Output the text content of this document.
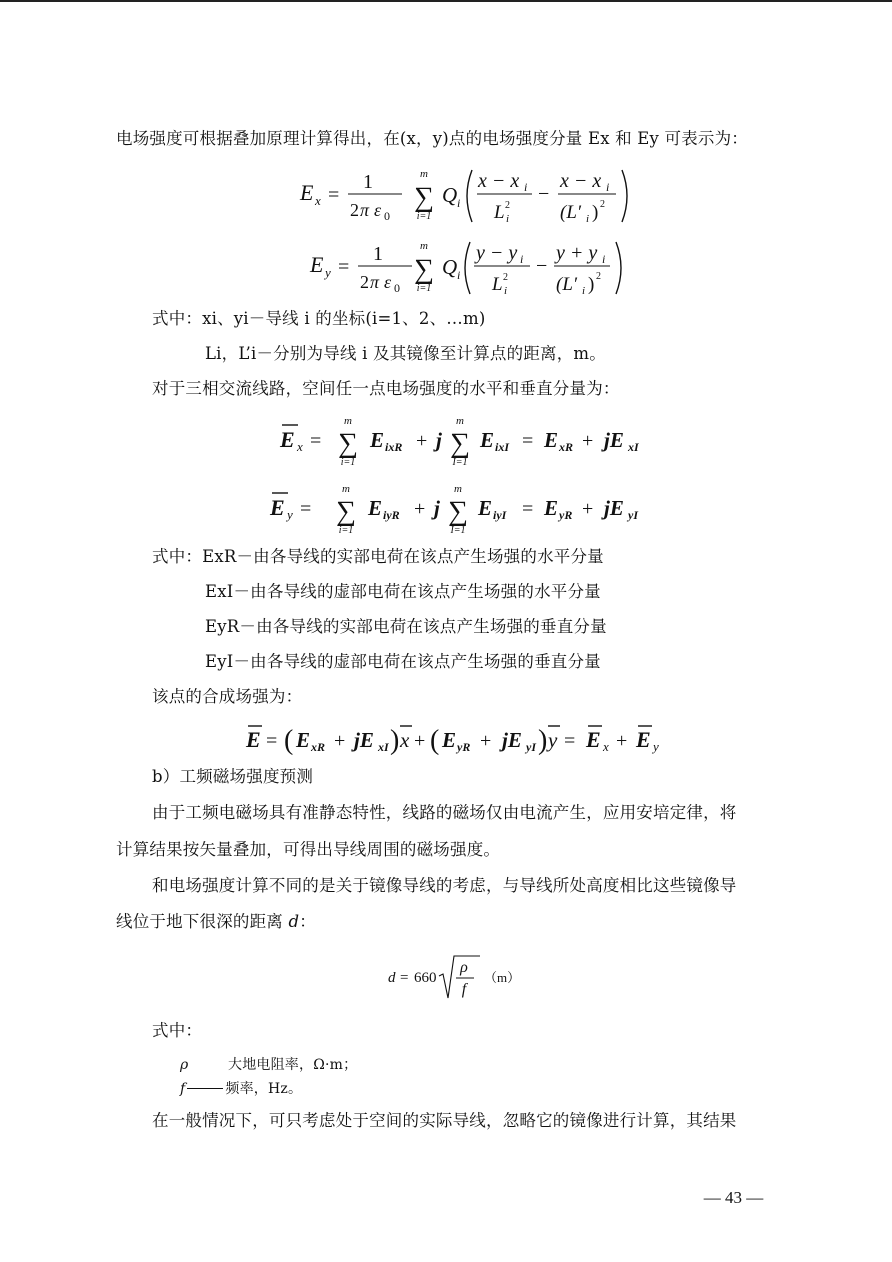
电场强度可根据叠加原理计算得出，在(x，y)点的电场强度分量 Ex 和 Ey 可表示为：
E x =
1
2 π ε 0
m
∑
i=1
Q i
x − x i
L i
2
−
x − x i
(L′ i ) 2
E y =
1
2 π ε 0
m
∑
i=1
Q i
y − y i
L i
2
−
y + y i
(L′ i ) 2
式中：xi、yi－导线 i 的坐标(i=1、2、…m)
Li，L’i－分别为导线 i 及其镜像至计算点的距离，m。
对于三相交流线路，空间任一点电场强度的水平和垂直分量为：
E x =
m
∑
i=1
E ixR + j
m
∑
I=1
E ixI = E xR + jE xI
E y =
m
∑
i=1
E iyR + j
m
∑
I=1
E iyI = E yR + jE yI
式中：ExR－由各导线的实部电荷在该点产生场强的水平分量
ExI－由各导线的虚部电荷在该点产生场强的水平分量
EyR－由各导线的实部电荷在该点产生场强的垂直分量
EyI－由各导线的虚部电荷在该点产生场强的垂直分量
该点的合成场强为：
E = ( E xR + jE xI ) x + ( E yR + jE yI ) y = E x + E y
b）工频磁场强度预测
由于工频电磁场具有准静态特性，线路的磁场仅由电流产生，应用安培定律，将
计算结果按矢量叠加，可得出导线周围的磁场强度。
和电场强度计算不同的是关于镜像导线的考虑，与导线所处高度相比这些镜像导
线位于地下很深的距离 d：
d = 660
ρ
f
（m）
式中：
ρ	大地电阻率，Ω·m；
f	频率，Hz。
在一般情况下，可只考虑处于空间的实际导线，忽略它的镜像进行计算，其结果
— 43 —
